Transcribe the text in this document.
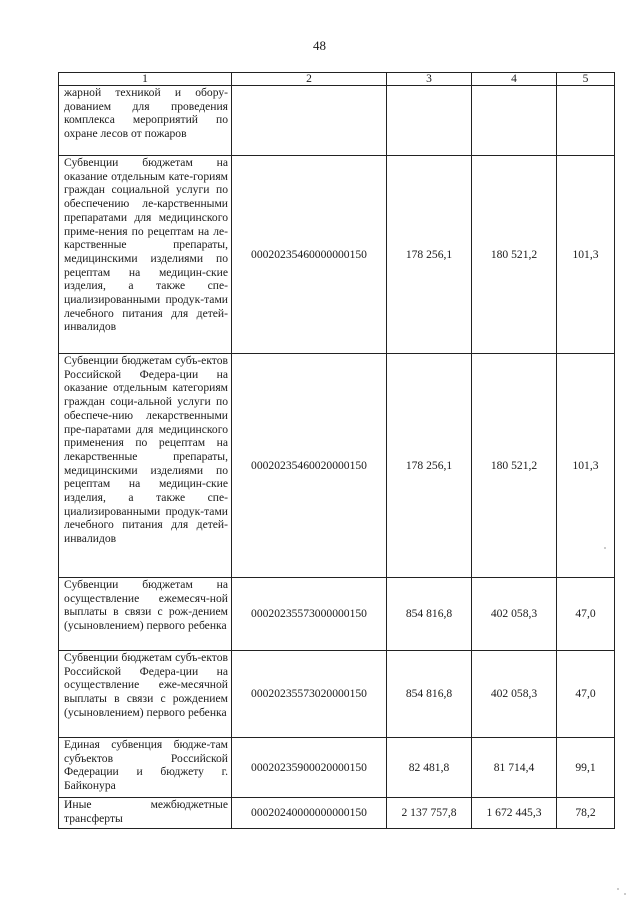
48
1	2	3	4	5
жарной техникой и обору-​дованием для проведения комплекса мероприятий по охране лесов от пожаров				
Субвенции бюджетам на оказание отдельным кате-​гориям граждан социальной услуги по обеспечению ле-​карственными препаратами для медицинского приме-​нения по рецептам на ле-​карственные препараты, медицинскими изделиями по рецептам на медицин-​ские изделия, а также спе-​циализированными продук-​тами лечебного питания для детей-инвалидов	00020235460000000150	178 256,1	180 521,2	101,3
Субвенции бюджетам субъ-​ектов Российской Федера-​ции на оказание отдельным категориям граждан соци-​альной услуги по обеспече-​нию лекарственными пре-​паратами для медицинского применения по рецептам на лекарственные препараты, медицинскими изделиями по рецептам на медицин-​ские изделия, а также спе-​циализированными продук-​тами лечебного питания для детей-инвалидов	00020235460020000150	178 256,1	180 521,2	101,3
Субвенции бюджетам на осуществление ежемесяч-​ной выплаты в связи с рож-​дением (усыновлением) первого ребенка	00020235573000000150	854 816,8	402 058,3	47,0
Субвенции бюджетам субъ-​ектов Российской Федера-​ции на осуществление еже-​месячной выплаты в связи с рождением (усыновлением) первого ребенка	00020235573020000150	854 816,8	402 058,3	47,0
Единая субвенция бюдже-​там субъектов Российской Федерации и бюджету г. Байконура	00020235900020000150	82 481,8	81 714,4	99,1
Иные межбюджетные трансферты	00020240000000000150	2 137 757,8	1 672 445,3	78,2
